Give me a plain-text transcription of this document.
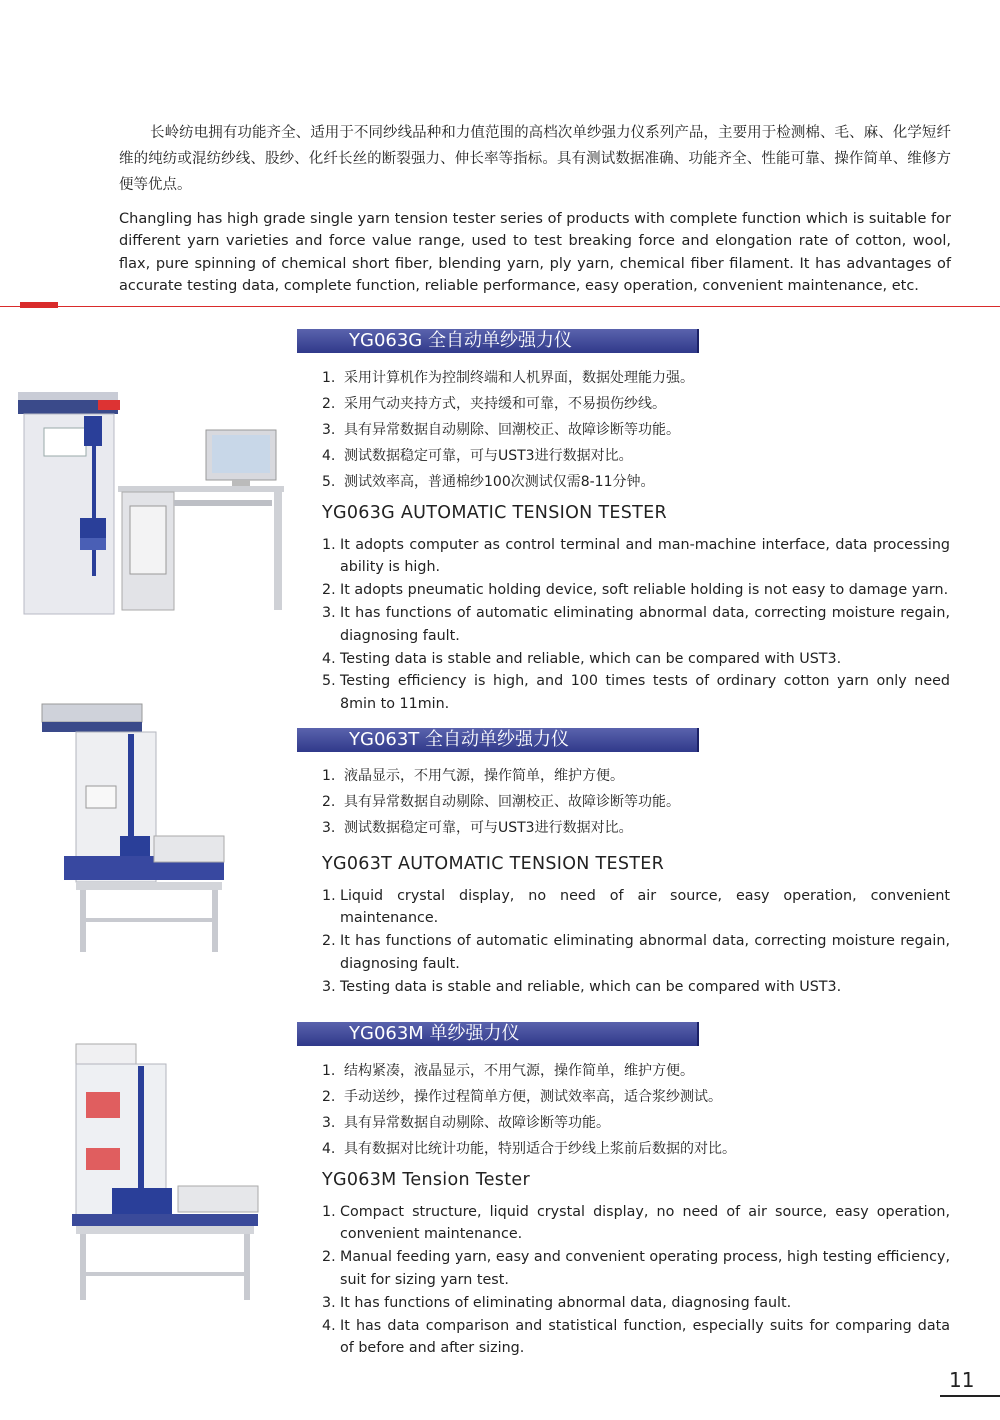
长岭纺电拥有功能齐全、适用于不同纱线品种和力值范围的高档次单纱强力仪系列产品，主要用于检测棉、毛、麻、化学短纤维的纯纺或混纺纱线、股纱、化纤长丝的断裂强力、伸长率等指标。具有测试数据准确、功能齐全、性能可靠、操作简单、维修方便等优点。
Changling has high grade single yarn tension tester series of products with complete function which is suitable for different yarn varieties and force value range, used to test breaking force and elongation rate of cotton, wool, flax, pure spinning of chemical short fiber, blending yarn, ply yarn, chemical fiber filament. It has advantages of accurate testing data, complete function, reliable performance, easy operation, convenient maintenance, etc.
YG063G 全自动单纱强力仪
1. 采用计算机作为控制终端和人机界面，数据处理能力强。
2. 采用气动夹持方式，夹持缓和可靠，不易损伤纱线。
3. 具有异常数据自动剔除、回潮校正、故障诊断等功能。
4. 测试数据稳定可靠，可与UST3进行数据对比。
5. 测试效率高，普通棉纱100次测试仅需8-11分钟。
YG063G AUTOMATIC TENSION TESTER
1. It adopts computer as control terminal and man-machine interface, data processing ability is high.
2. It adopts pneumatic holding device, soft reliable holding is not easy to damage yarn.
3. It has functions of automatic eliminating abnormal data, correcting moisture regain, diagnosing fault.
4. Testing data is stable and reliable, which can be compared with UST3.
5. Testing efficiency is high, and 100 times tests of ordinary cotton yarn only need 8min to 11min.
YG063T 全自动单纱强力仪
1. 液晶显示，不用气源，操作简单，维护方便。
2. 具有异常数据自动剔除、回潮校正、故障诊断等功能。
3. 测试数据稳定可靠，可与UST3进行数据对比。
YG063T AUTOMATIC TENSION TESTER
1. Liquid crystal display, no need of air source, easy operation, convenient maintenance.
2. It has functions of automatic eliminating abnormal data, correcting moisture regain, diagnosing fault.
3. Testing data is stable and reliable, which can be compared with UST3.
YG063M 单纱强力仪
1. 结构紧凑，液晶显示，不用气源，操作简单，维护方便。
2. 手动送纱，操作过程简单方便，测试效率高，适合浆纱测试。
3. 具有异常数据自动剔除、故障诊断等功能。
4. 具有数据对比统计功能，特别适合于纱线上浆前后数据的对比。
YG063M Tension Tester
1. Compact structure, liquid crystal display, no need of air source, easy operation, convenient maintenance.
2. Manual feeding yarn, easy and convenient operating process, high testing efficiency, suit for sizing yarn test.
3. It has functions of eliminating abnormal data, diagnosing fault.
4. It has data comparison and statistical function, especially suits for comparing data of before and after sizing.
11
